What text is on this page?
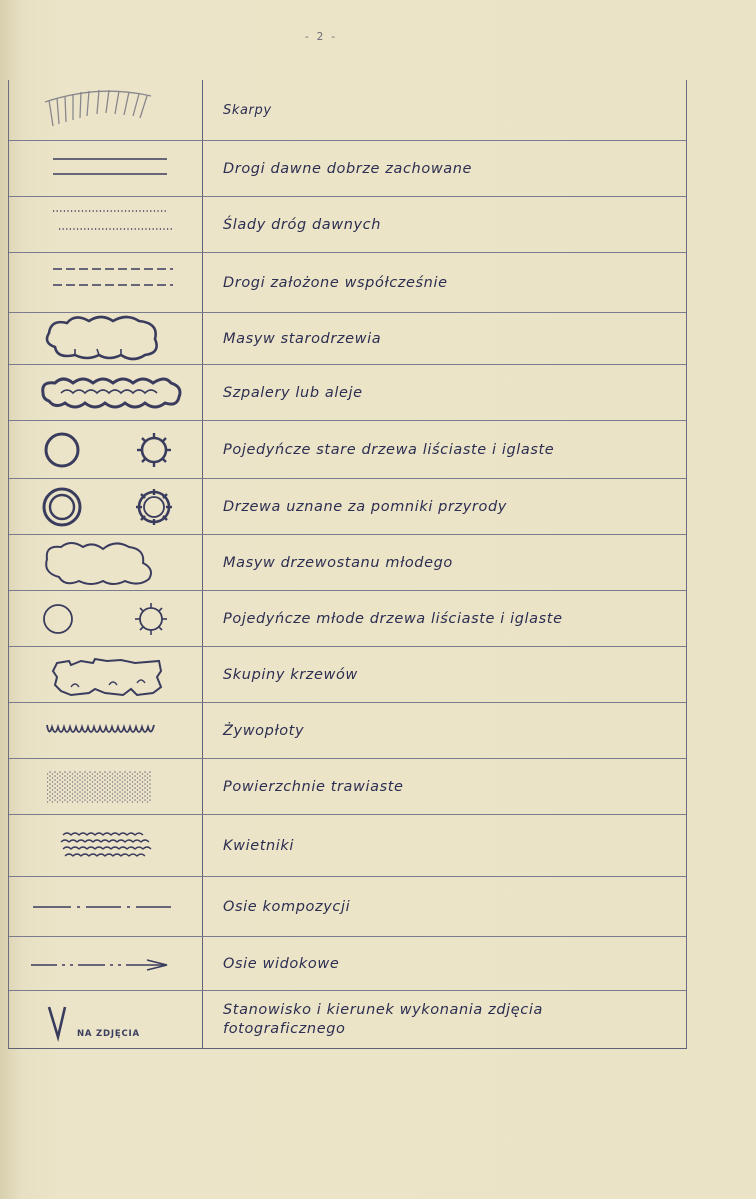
- 2 -
Skarpy
Drogi dawne dobrze zachowane
Ślady dróg dawnych
Drogi założone współcześnie
Masyw starodrzewia
Szpalery lub aleje
Pojedyńcze stare drzewa liściaste i iglaste
Drzewa uznane za pomniki przyrody
Masyw drzewostanu młodego
Pojedyńcze młode drzewa liściaste i iglaste
Skupiny krzewów
Żywopłoty
Powierzchnie trawiaste
Kwietniki
Osie kompozycji
Osie widokowe
NA ZDJĘCIA
Stanowisko i kierunek wykonania zdjęcia fotograficznego
